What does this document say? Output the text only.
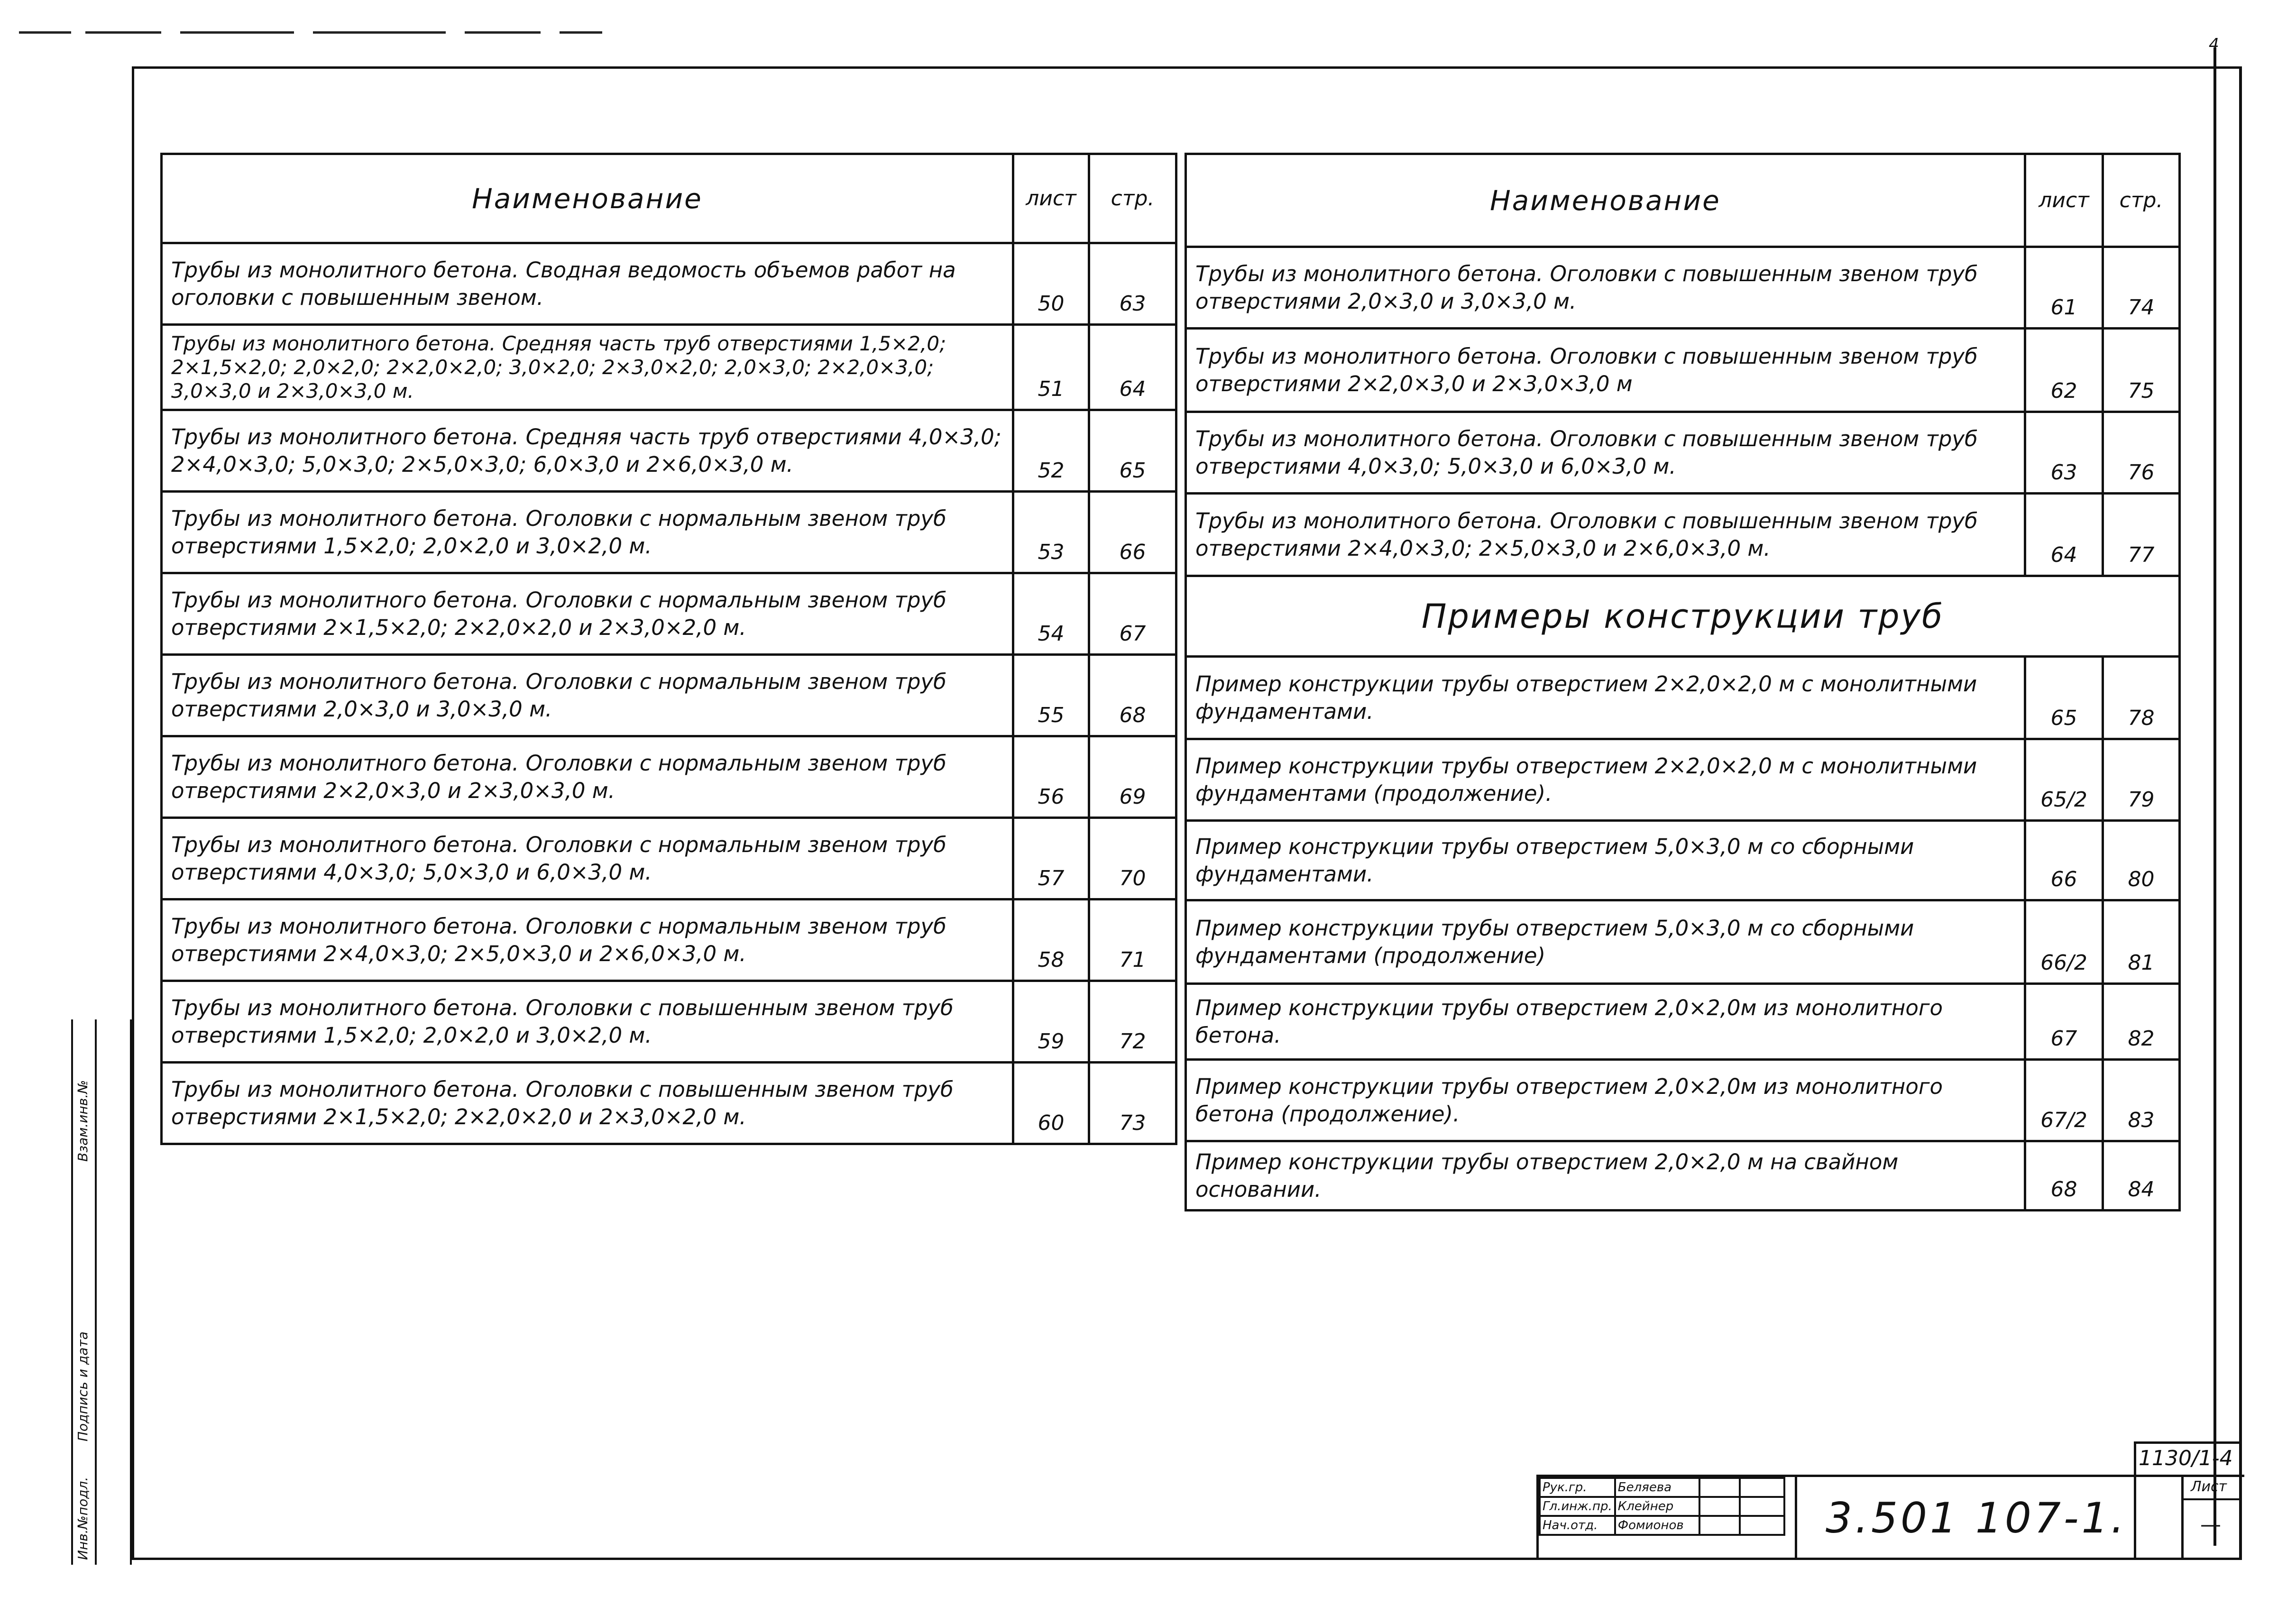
4
Инв.№подл.
Подпись и дата
Взам.инв.№
Наименование	лист	стр.
Трубы из монолитного бетона. Сводная ведомость объемов работ на оголовки с повышенным звеном.	50	63
Трубы из монолитного бетона. Средняя часть труб отверстиями 1,5×2,0; 2×1,5×2,0; 2,0×2,0; 2×2,0×2,0; 3,0×2,0; 2×3,0×2,0; 2,0×3,0; 2×2,0×3,0; 3,0×3,0 и 2×3,0×3,0 м.	51	64
Трубы из монолитного бетона. Средняя часть труб отверстиями 4,0×3,0; 2×4,0×3,0; 5,0×3,0; 2×5,0×3,0; 6,0×3,0 и 2×6,0×3,0 м.	52	65
Трубы из монолитного бетона. Оголовки с нормальным звеном труб отверстиями 1,5×2,0; 2,0×2,0 и 3,0×2,0 м.	53	66
Трубы из монолитного бетона. Оголовки с нормальным звеном труб отверстиями 2×1,5×2,0; 2×2,0×2,0 и 2×3,0×2,0 м.	54	67
Трубы из монолитного бетона. Оголовки с нормальным звеном труб отверстиями 2,0×3,0 и 3,0×3,0 м.	55	68
Трубы из монолитного бетона. Оголовки с нормальным звеном труб отверстиями 2×2,0×3,0 и 2×3,0×3,0 м.	56	69
Трубы из монолитного бетона. Оголовки с нормальным звеном труб отверстиями 4,0×3,0; 5,0×3,0 и 6,0×3,0 м.	57	70
Трубы из монолитного бетона. Оголовки с нормальным звеном труб отверстиями 2×4,0×3,0; 2×5,0×3,0 и 2×6,0×3,0 м.	58	71
Трубы из монолитного бетона. Оголовки с повышенным звеном труб отверстиями 1,5×2,0; 2,0×2,0 и 3,0×2,0 м.	59	72
Трубы из монолитного бетона. Оголовки с повышенным звеном труб отверстиями 2×1,5×2,0; 2×2,0×2,0 и 2×3,0×2,0 м.	60	73
Наименование	лист	стр.
Трубы из монолитного бетона. Оголовки с повышенным звеном труб отверстиями 2,0×3,0 и 3,0×3,0 м.	61	74
Трубы из монолитного бетона. Оголовки с повышенным звеном труб отверстиями 2×2,0×3,0 и 2×3,0×3,0 м	62	75
Трубы из монолитного бетона. Оголовки с повышенным звеном труб отверстиями 4,0×3,0; 5,0×3,0 и 6,0×3,0 м.	63	76
Трубы из монолитного бетона. Оголовки с повышенным звеном труб отверстиями 2×4,0×3,0; 2×5,0×3,0 и 2×6,0×3,0 м.	64	77
Примеры конструкции труб		
Пример конструкции трубы отверстием 2×2,0×2,0 м с монолитными фундаментами.	65	78
Пример конструкции трубы отверстием 2×2,0×2,0 м с монолитными фундаментами (продолжение).	65/2	79
Пример конструкции трубы отверстием 5,0×3,0 м со сборными фундаментами.	66	80
Пример конструкции трубы отверстием 5,0×3,0 м со сборными фундаментами (продолжение)	66/2	81
Пример конструкции трубы отверстием 2,0×2,0м из монолитного бетона.	67	82
Пример конструкции трубы отверстием 2,0×2,0м из монолитного бетона (продолжение).	67/2	83
Пример конструкции трубы отверстием 2,0×2,0 м на свайном основании.	68	84
Рук.гр.	Беляева		
Гл.инж.пр.	Клейнер		
Нач.отд.	Фомионов			3.501 107-1.
1130/1-4
Лист
—
